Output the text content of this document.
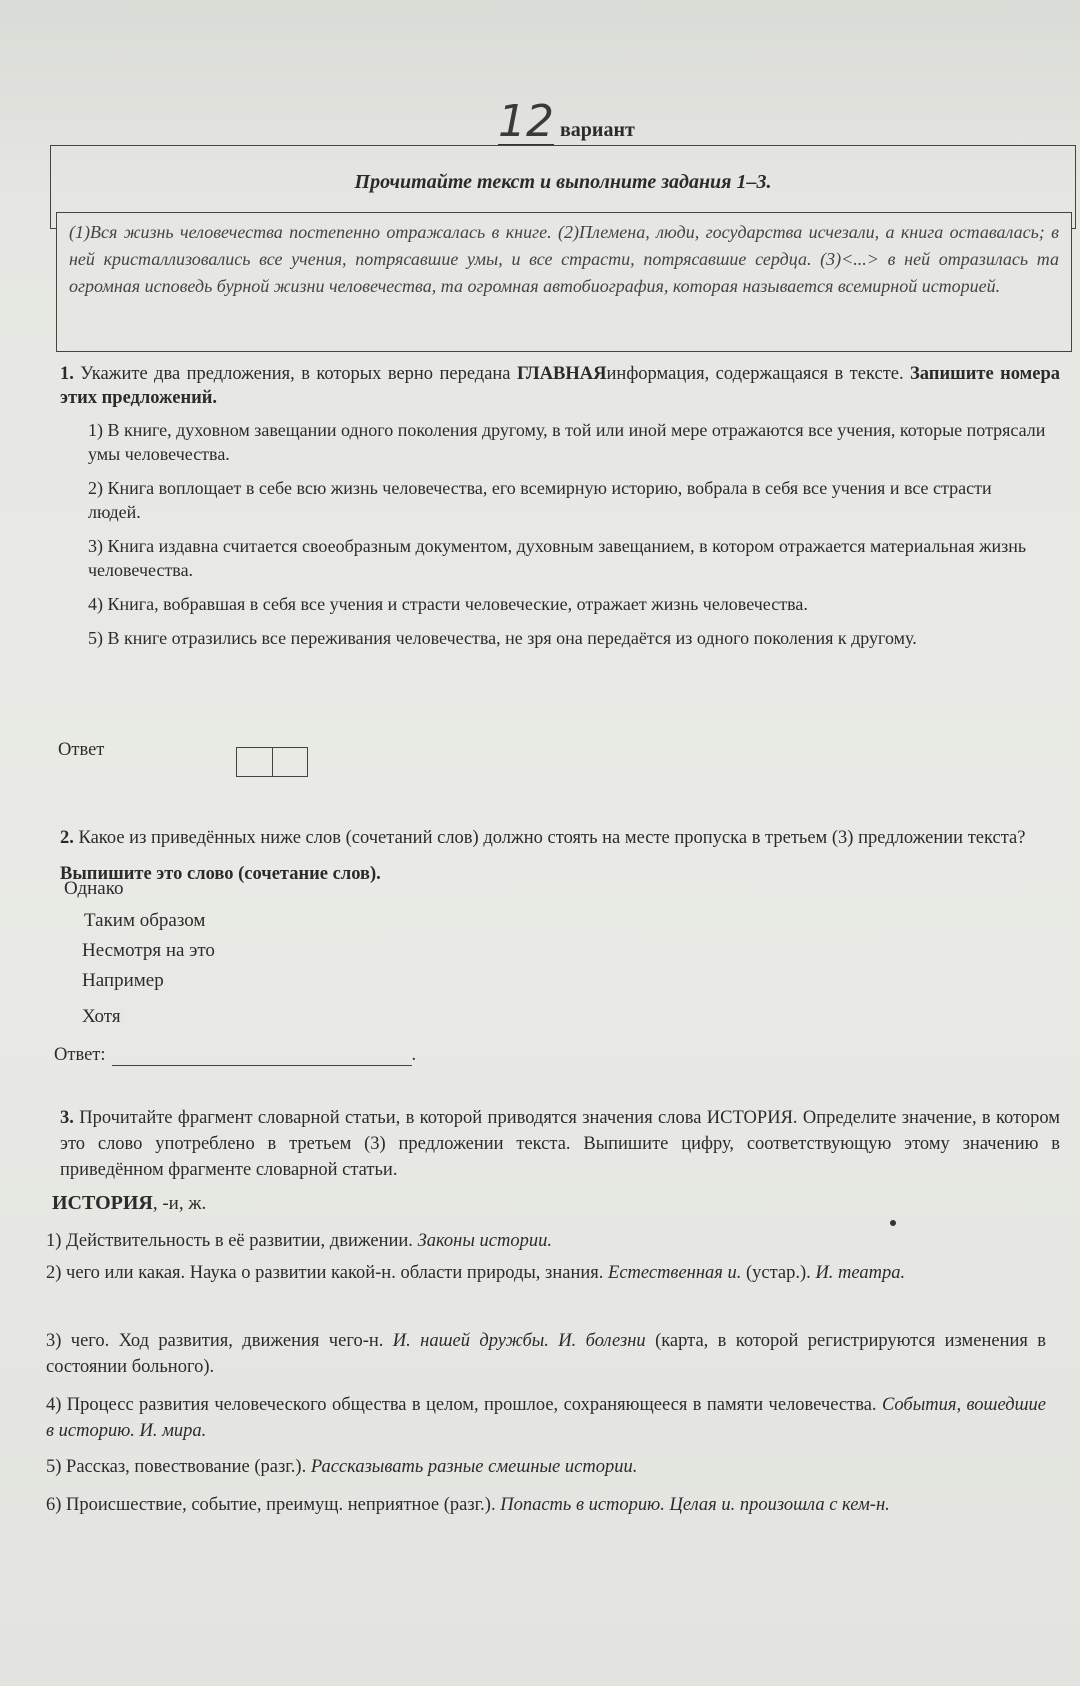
12 вариант
Прочитайте текст и выполните задания 1–3.
(1)Вся жизнь человечества постепенно отражалась в книге. (2)Племена, люди, государства исчезали, а книга оставалась; в ней кристаллизовались все учения, потрясавшие умы, и все страсти, потрясавшие сердца. (3)<...> в ней отразилась та огромная исповедь бурной жизни человечества, та огромная автобиография, которая называется всемирной историей.
1. Укажите два предложения, в которых верно передана ГЛАВНАЯинформация, содержащаяся в тексте. Запишите номера этих предложений.
1) В книге, духовном завещании одного поколения другому, в той или иной мере отражаются все учения, которые потрясали умы человечества.
2) Книга воплощает в себе всю жизнь человечества, его всемирную историю, вобрала в себя все учения и все страсти людей.
3) Книга издавна считается своеобразным документом, духовным завещанием, в котором отражается материальная жизнь человечества.
4) Книга, вобравшая в себя все учения и страсти человеческие, отражает жизнь человечества.
5) В книге отразились все переживания человечества, не зря она передаётся из одного поколения к другому.
Ответ
2. Какое из приведённых ниже слов (сочетаний слов) должно стоять на месте пропуска в третьем (3) предложении текста? Выпишите это слово (сочетание слов).
Однако
Таким образом
Несмотря на это
Например
Хотя
Ответ:	.
3. Прочитайте фрагмент словарной статьи, в которой приводятся значения слова ИСТОРИЯ. Определите значение, в котором это слово употреблено в третьем (3) предложении текста. Выпишите цифру, соответствующую этому значению в приведённом фрагменте словарной статьи.
ИСТОРИЯ, -и, ж.
1) Действительность в её развитии, движении. Законы истории.
2) чего или какая. Наука о развитии какой-н. области природы, знания. Естественная и. (устар.). И. театра.
3) чего. Ход развития, движения чего-н. И. нашей дружбы. И. болезни (карта, в которой регистрируются изменения в состоянии больного).
4) Процесс развития человеческого общества в целом, прошлое, сохраняющееся в памяти человечества. События, вошедшие в историю. И. мира.
5) Рассказ, повествование (разг.). Рассказывать разные смешные истории.
6) Происшествие, событие, преимущ. неприятное (разг.). Попасть в историю. Целая и. произошла с кем-н.
